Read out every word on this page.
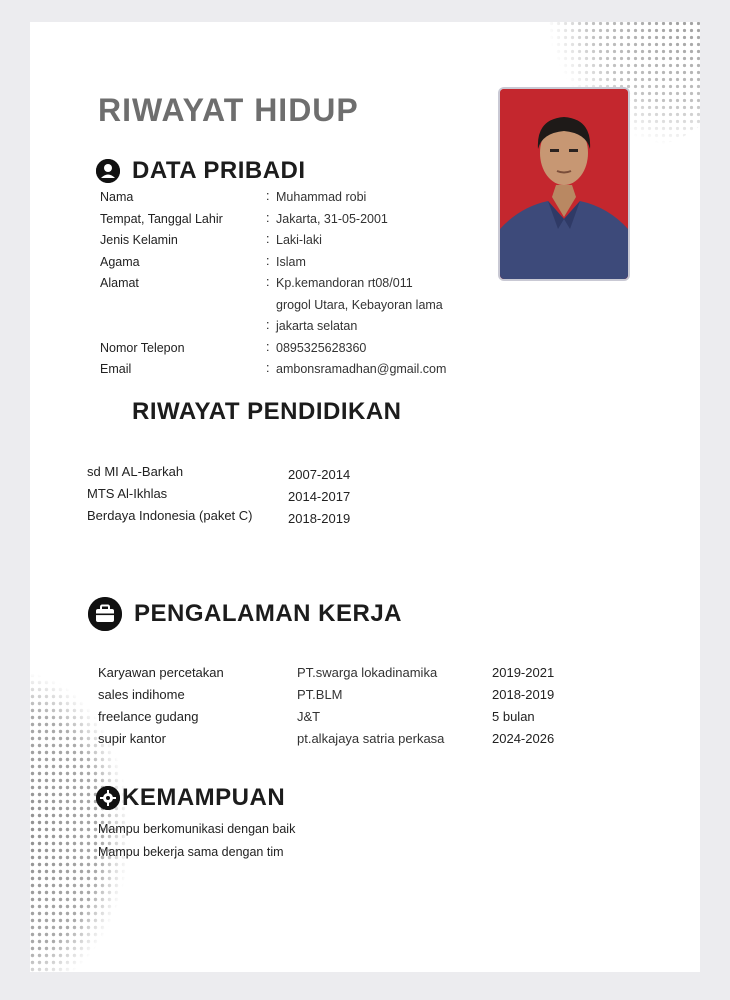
RIWAYAT HIDUP
DATA PRIBADI
Nama	: Muhammad robi
Tempat, Tanggal Lahir	: Jakarta, 31-05-2001
Jenis Kelamin	: Laki-laki
Agama	: Islam
Alamat	: Kp.kemandoran rt08/011
grogol Utara, Kebayoran lama
: jakarta selatan
Nomor Telepon	: 0895325628360
Email	: ambonsramadhan@gmail.com
RIWAYAT PENDIDIKAN
sd MI AL-Barkah	2007-2014
MTS Al-Ikhlas	2014-2017
Berdaya Indonesia (paket C)	2018-2019
PENGALAMAN KERJA
Karyawan percetakan	PT.swarga lokadinamika	2019-2021
sales indihome	PT.BLM	2018-2019
freelance gudang	J&T	5 bulan
supir kantor	pt.alkajaya satria perkasa	2024-2026
KEMAMPUAN
Mampu berkomunikasi dengan baik
Mampu bekerja sama dengan tim
